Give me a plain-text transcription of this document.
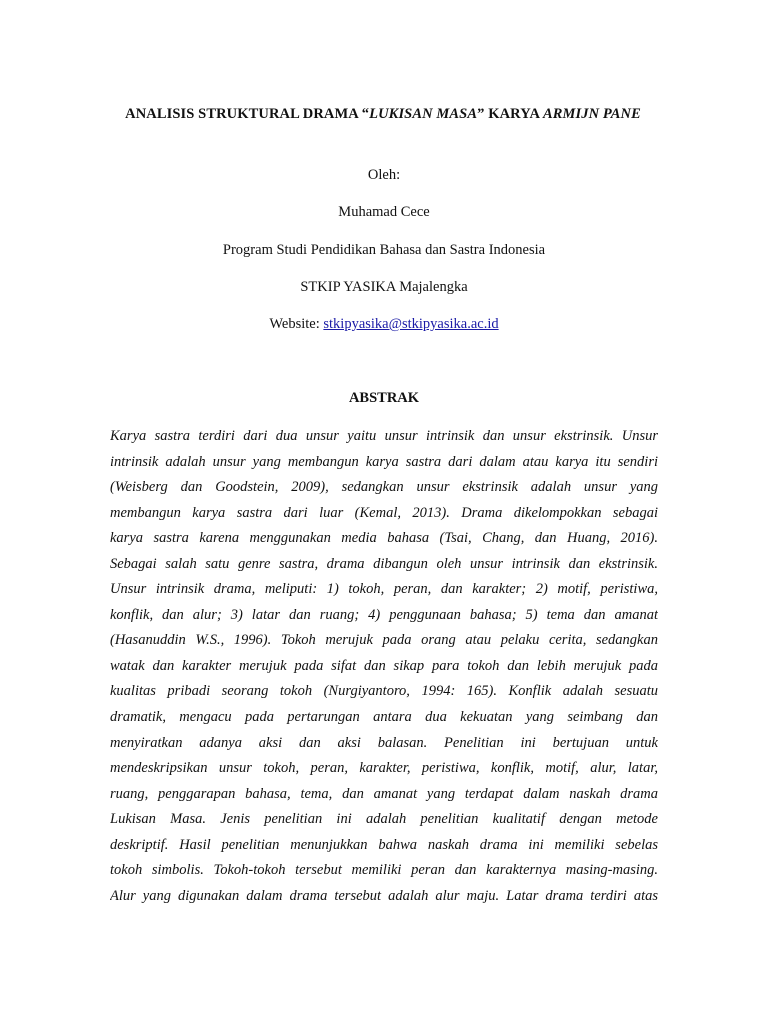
ANALISIS STRUKTURAL DRAMA “LUKISAN MASA” KARYA ARMIJN PANE
Oleh:
Muhamad Cece
Program Studi Pendidikan Bahasa dan Sastra Indonesia
STKIP YASIKA Majalengka
Website: stkipyasika@stkipyasika.ac.id
ABSTRAK
Karya sastra terdiri dari dua unsur yaitu unsur intrinsik dan unsur ekstrinsik. Unsur
intrinsik adalah unsur yang membangun karya sastra dari dalam atau karya itu sendiri
(Weisberg dan Goodstein, 2009), sedangkan unsur ekstrinsik adalah unsur yang
membangun karya sastra dari luar (Kemal, 2013). Drama dikelompokkan sebagai
karya sastra karena menggunakan media bahasa (Tsai, Chang, dan Huang, 2016).
Sebagai salah satu genre sastra, drama dibangun oleh unsur intrinsik dan ekstrinsik.
Unsur intrinsik drama, meliputi: 1) tokoh, peran, dan karakter; 2) motif, peristiwa,
konflik, dan alur; 3) latar dan ruang; 4) penggunaan bahasa; 5) tema dan amanat
(Hasanuddin W.S., 1996). Tokoh merujuk pada orang atau pelaku cerita, sedangkan
watak dan karakter merujuk pada sifat dan sikap para tokoh dan lebih merujuk pada
kualitas pribadi seorang tokoh (Nurgiyantoro, 1994: 165). Konflik adalah sesuatu
dramatik, mengacu pada pertarungan antara dua kekuatan yang seimbang dan
menyiratkan adanya aksi dan aksi balasan. Penelitian ini bertujuan untuk
mendeskripsikan unsur tokoh, peran, karakter, peristiwa, konflik, motif, alur, latar,
ruang, penggarapan bahasa, tema, dan amanat yang terdapat dalam naskah drama
Lukisan Masa. Jenis penelitian ini adalah penelitian kualitatif dengan metode
deskriptif. Hasil penelitian menunjukkan bahwa naskah drama ini memiliki sebelas
tokoh simbolis. Tokoh-tokoh tersebut memiliki peran dan karakternya masing-masing.
Alur yang digunakan dalam drama tersebut adalah alur maju. Latar drama terdiri atas
